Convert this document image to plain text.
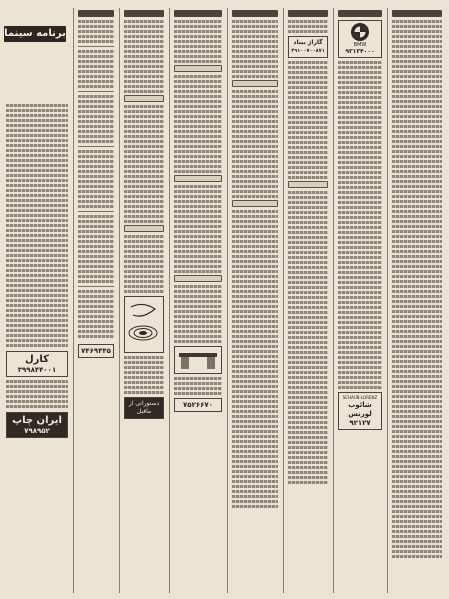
برنامه سینما
کارل
۳۹۹۸۴۴۰۰۱
ایران چاپ
۷۹۸۹۵۲
۷۴۶۹۴۴۵
دستوراتی از ماقبل
۷۵۲۶۶۷۰
گاراژ بیناد
۴۹۱۰۰۷۰۰۸۷۱
BMW
۹۳۱۳۴۰۰۰
SCHAUB-LORENZ
شائوب لورنس
۹۲۱۲۷
